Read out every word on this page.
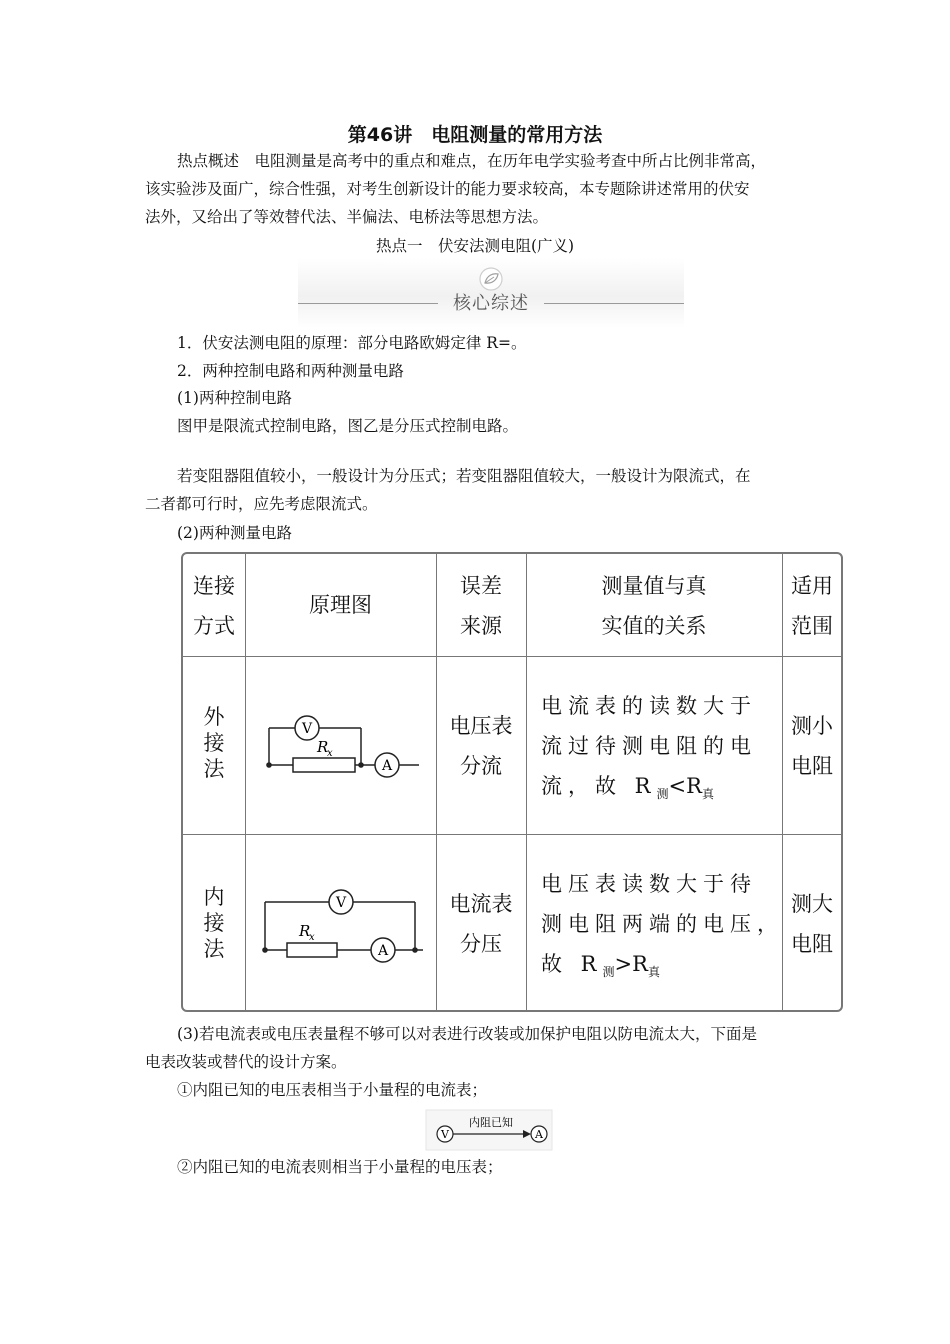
第46讲　电阻测量的常用方法
热点概述　电阻测量是高考中的重点和难点，在历年电学实验考查中所占比例非常高，
该实验涉及面广，综合性强，对考生创新设计的能力要求较高，本专题除讲述常用的伏安
法外，又给出了等效替代法、半偏法、电桥法等思想方法。
热点一　伏安法测电阻(广义)
核心综述
1．伏安法测电阻的原理：部分电路欧姆定律 R=。
2．两种控制电路和两种测量电路
(1)两种控制电路
图甲是限流式控制电路，图乙是分压式控制电路。
若变阻器阻值较小，一般设计为分压式；若变阻器阻值较大，一般设计为限流式，在
二者都可行时，应先考虑限流式。
(2)两种测量电路
连接
方式
原理图
误差
来源
测量值与真
实值的关系
适用
范围
外
接
法
V
A
R
x
电压表
分流
电流表的读数大于
流过待测电阻的电
流，故 $R_测<R_真$
测小
电阻
内
接
法
V
A
R
x
电流表
分压
电压表读数大于待
测电阻两端的电压，
故 $R_测>R_真$
测大
电阻
(3)若电流表或电压表量程不够可以对表进行改装或加保护电阻以防电流太大，下面是
电表改装或替代的设计方案。
①内阻已知的电压表相当于小量程的电流表；
V	A
内阻已知
②内阻已知的电流表则相当于小量程的电压表；
